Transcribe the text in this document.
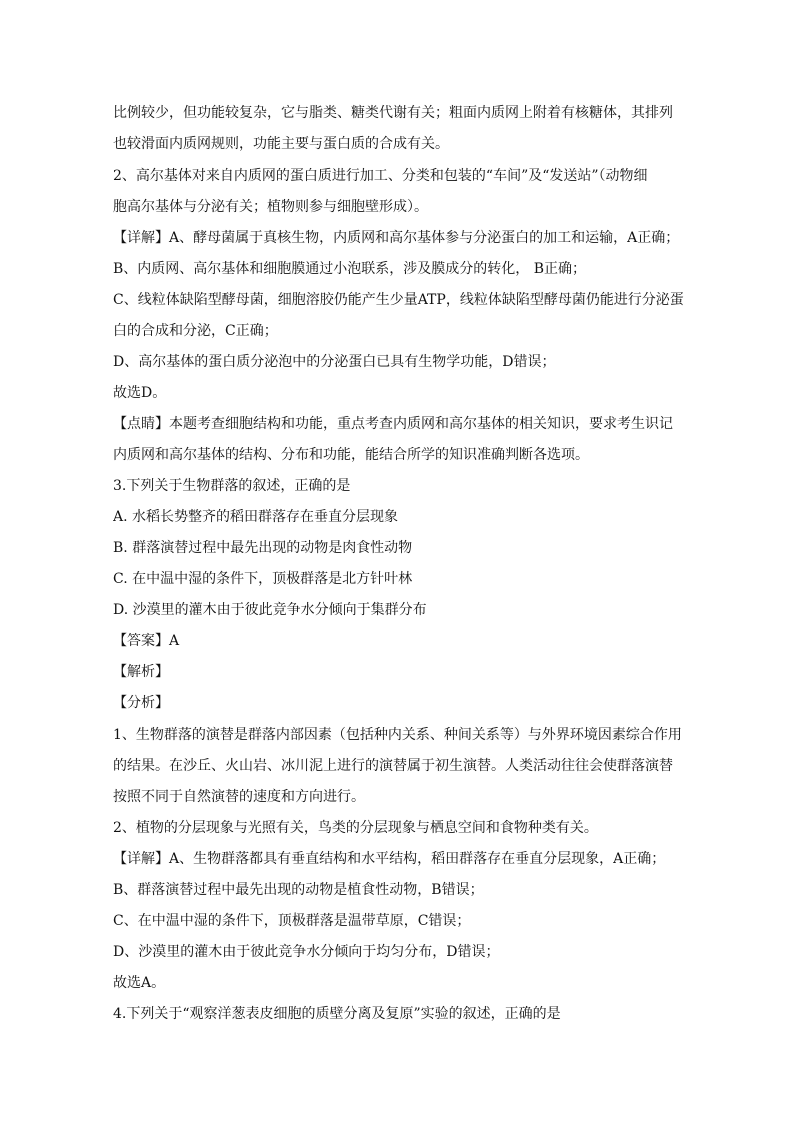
比例较少，但功能较复杂，它与脂类、糖类代谢有关；粗面内质网上附着有核糖体，其排列
也较滑面内质网规则，功能主要与蛋白质的合成有关。
2、高尔基体对来自内质网的蛋白质进行加工、分类和包装的“车间”及“发送站”（动物细
胞高尔基体与分泌有关；植物则参与细胞壁形成）。
【详解】A、酵母菌属于真核生物，内质网和高尔基体参与分泌蛋白的加工和运输，A正确；
B、内质网、高尔基体和细胞膜通过小泡联系，涉及膜成分的转化， B正确；
C、线粒体缺陷型酵母菌，细胞溶胶仍能产生少量ATP，线粒体缺陷型酵母菌仍能进行分泌蛋
白的合成和分泌，C正确；
D、高尔基体的蛋白质分泌泡中的分泌蛋白已具有生物学功能，D错误；
故选D。
【点睛】本题考查细胞结构和功能，重点考查内质网和高尔基体的相关知识，要求考生识记
内质网和高尔基体的结构、分布和功能，能结合所学的知识准确判断各选项。
3.下列关于生物群落的叙述，正确的是
A. 水稻长势整齐的稻田群落存在垂直分层现象
B. 群落演替过程中最先出现的动物是肉食性动物
C. 在中温中湿的条件下，顶极群落是北方针叶林
D. 沙漠里的灌木由于彼此竞争水分倾向于集群分布
【答案】A
【解析】
【分析】
1、生物群落的演替是群落内部因素（包括种内关系、种间关系等）与外界环境因素综合作用
的结果。在沙丘、火山岩、冰川泥上进行的演替属于初生演替。人类活动往往会使群落演替
按照不同于自然演替的速度和方向进行。
2、植物的分层现象与光照有关，鸟类的分层现象与栖息空间和食物种类有关。
【详解】A、生物群落都具有垂直结构和水平结构，稻田群落存在垂直分层现象，A正确；
B、群落演替过程中最先出现的动物是植食性动物，B错误；
C、在中温中湿的条件下，顶极群落是温带草原，C错误；
D、沙漠里的灌木由于彼此竞争水分倾向于均匀分布，D错误；
故选A。
4.下列关于“观察洋葱表皮细胞的质壁分离及复原”实验的叙述，正确的是
